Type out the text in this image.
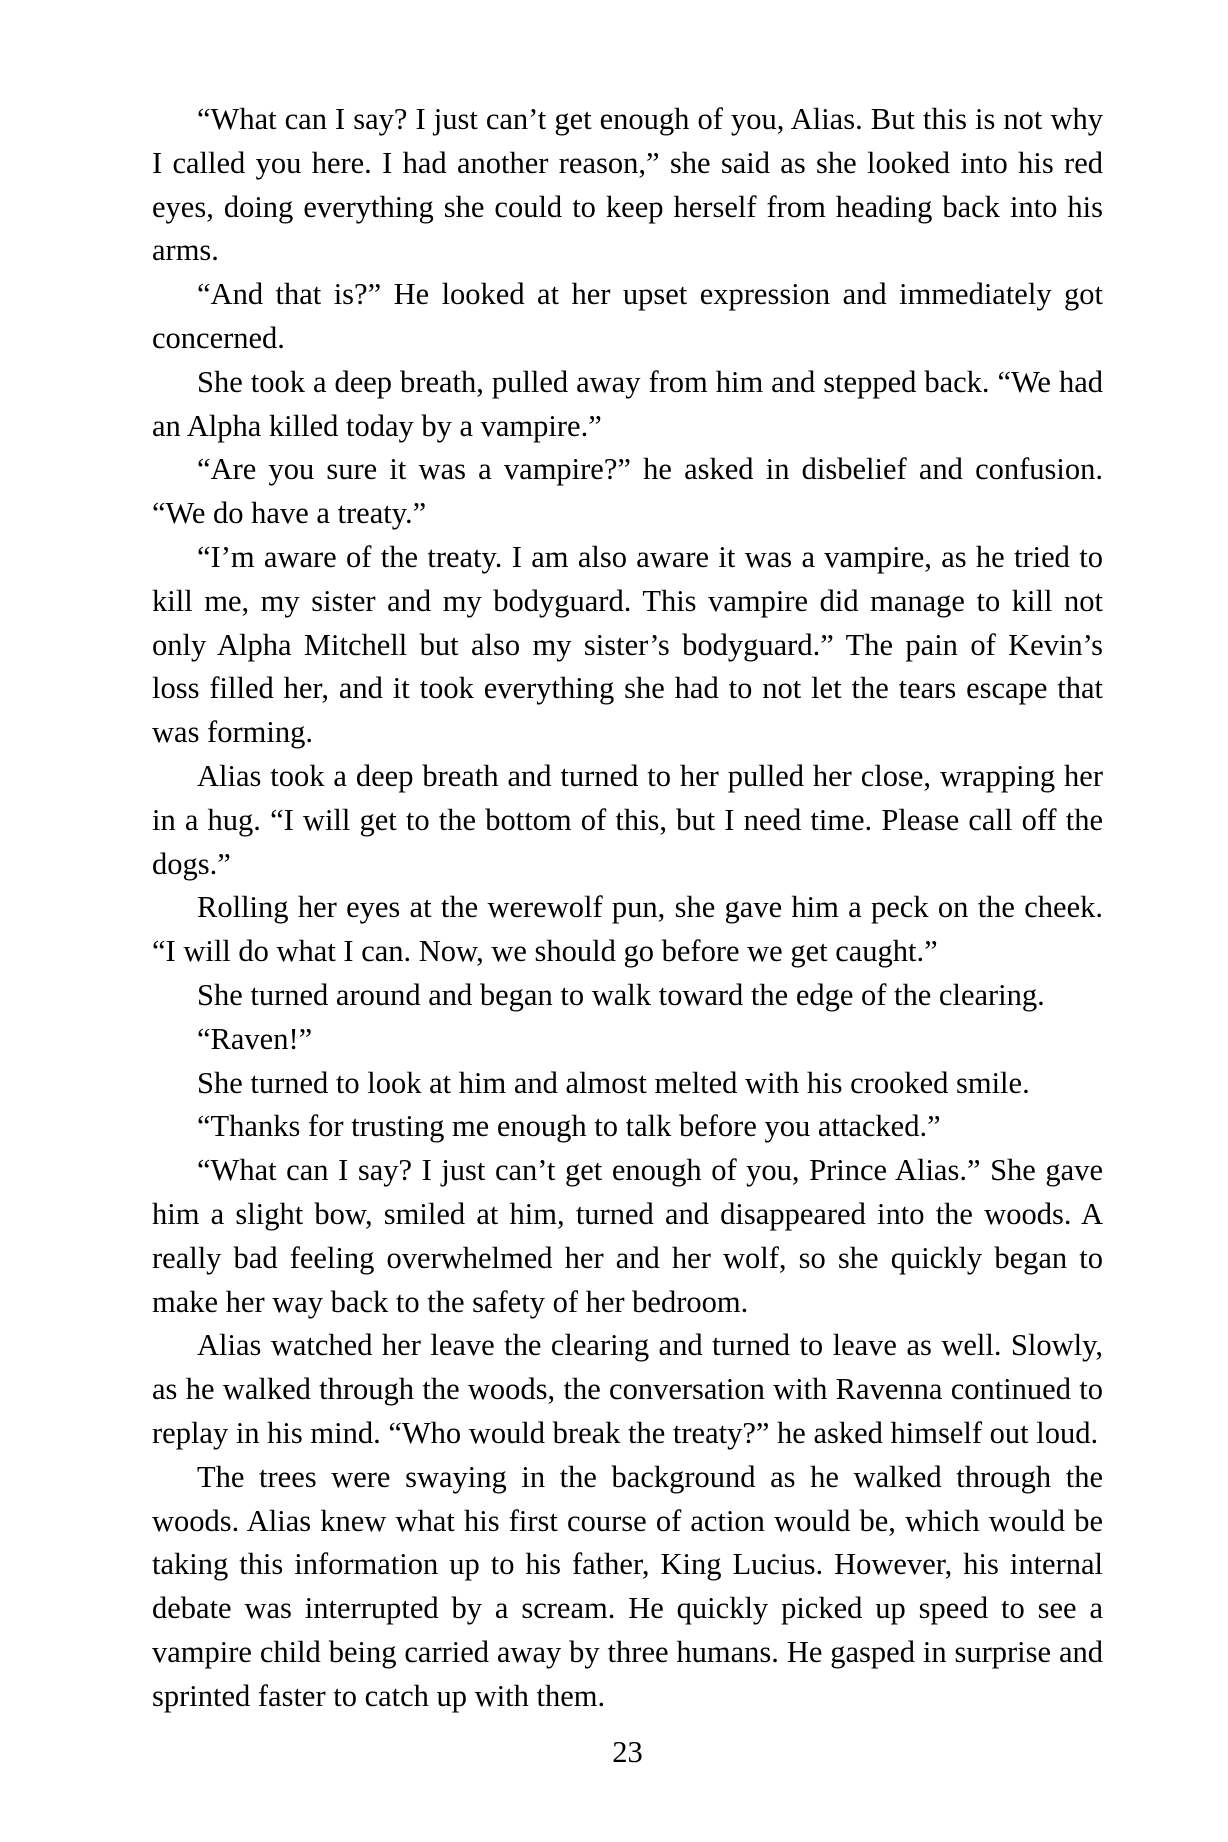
“What can I say? I just can’t get enough of you, Alias. But this is not why I called you here. I had another reason,” she said as she looked into his red eyes, doing everything she could to keep herself from heading back into his arms.

“And that is?” He looked at her upset expression and immediately got concerned.

She took a deep breath, pulled away from him and stepped back. “We had an Alpha killed today by a vampire.”

“Are you sure it was a vampire?” he asked in disbelief and confusion. “We do have a treaty.”

“I’m aware of the treaty. I am also aware it was a vampire, as he tried to kill me, my sister and my bodyguard. This vampire did manage to kill not only Alpha Mitchell but also my sister’s bodyguard.” The pain of Kevin’s loss filled her, and it took everything she had to not let the tears escape that was forming.

Alias took a deep breath and turned to her pulled her close, wrapping her in a hug. “I will get to the bottom of this, but I need time. Please call off the dogs.”

Rolling her eyes at the werewolf pun, she gave him a peck on the cheek. “I will do what I can. Now, we should go before we get caught.”

She turned around and began to walk toward the edge of the clearing.

“Raven!”

She turned to look at him and almost melted with his crooked smile.

“Thanks for trusting me enough to talk before you attacked.”

“What can I say? I just can’t get enough of you, Prince Alias.” She gave him a slight bow, smiled at him, turned and disappeared into the woods. A really bad feeling overwhelmed her and her wolf, so she quickly began to make her way back to the safety of her bedroom.

Alias watched her leave the clearing and turned to leave as well. Slowly, as he walked through the woods, the conversation with Ravenna continued to replay in his mind. “Who would break the treaty?” he asked himself out loud.

The trees were swaying in the background as he walked through the woods. Alias knew what his first course of action would be, which would be taking this information up to his father, King Lucius. However, his internal debate was interrupted by a scream. He quickly picked up speed to see a vampire child being carried away by three humans. He gasped in surprise and sprinted faster to catch up with them.

23
